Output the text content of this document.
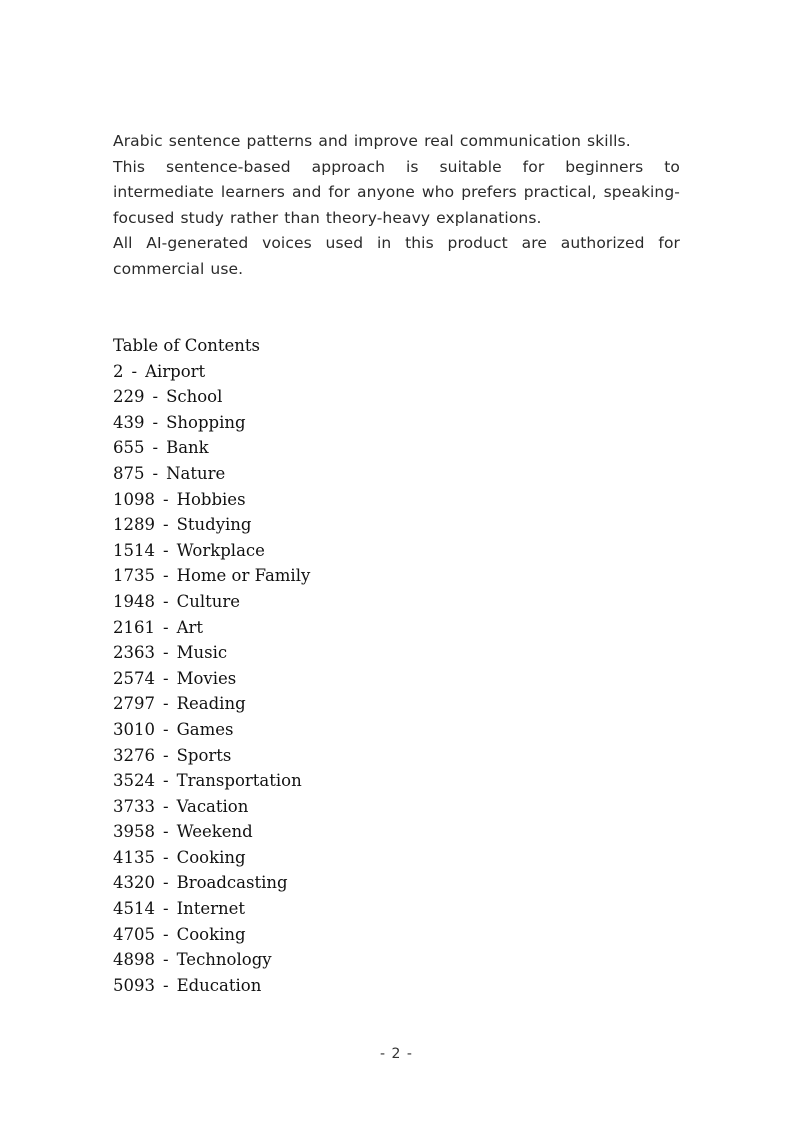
Arabic sentence patterns and improve real communication skills.

This sentence-based approach is suitable for beginners to intermediate learners and for anyone who prefers practical, speaking-focused study rather than theory-heavy explanations.

All AI-generated voices used in this product are authorized for commercial use.

Table of Contents

2 - Airport
229 - School
439 - Shopping
655 - Bank
875 - Nature
1098 - Hobbies
1289 - Studying
1514 - Workplace
1735 - Home or Family
1948 - Culture
2161 - Art
2363 - Music
2574 - Movies
2797 - Reading
3010 - Games
3276 - Sports
3524 - Transportation
3733 - Vacation
3958 - Weekend
4135 - Cooking
4320 - Broadcasting
4514 - Internet
4705 - Cooking
4898 - Technology
5093 - Education
- 2 -
